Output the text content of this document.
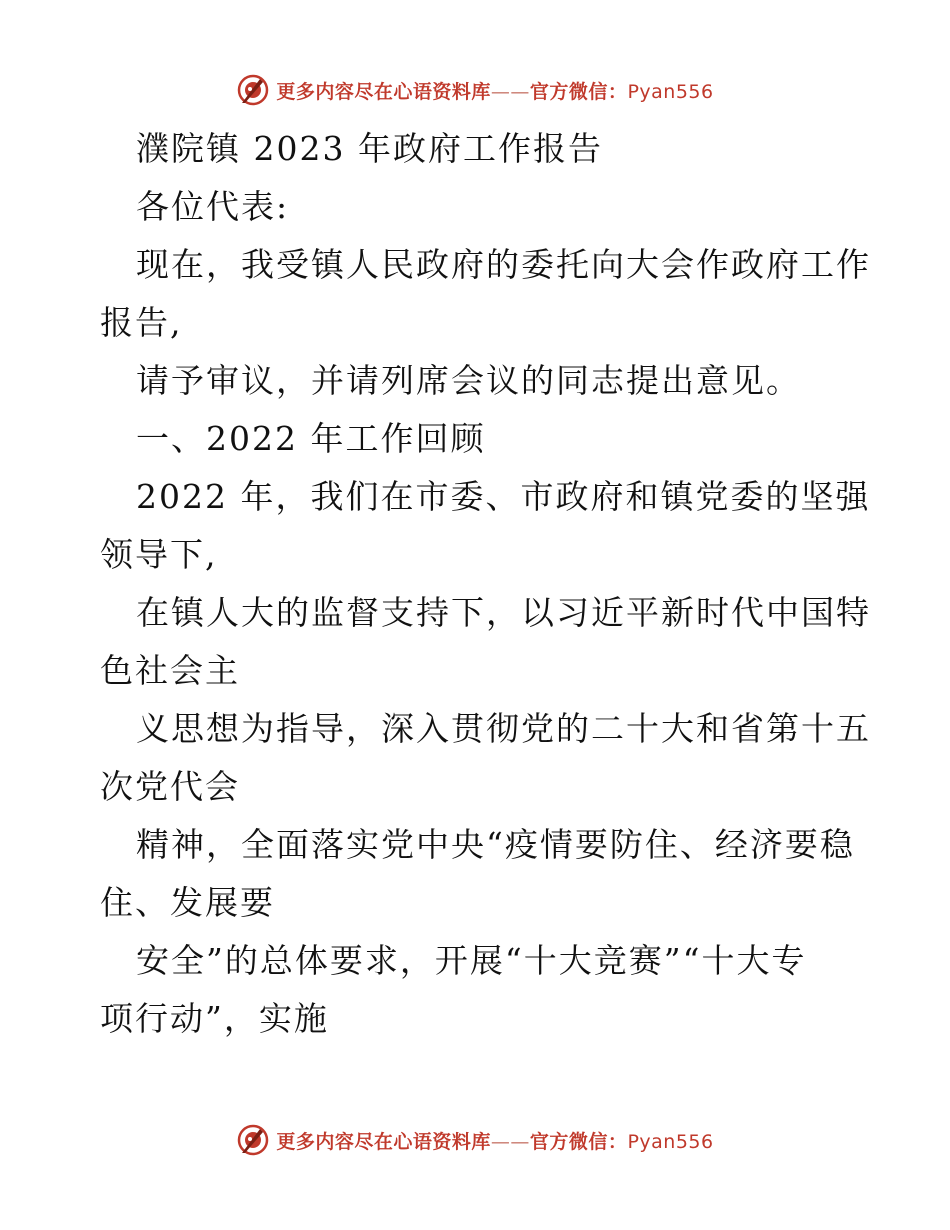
更多内容尽在心语资料库——官方微信：Pyan556
濮院镇 2023 年政府工作报告
各位代表:
现在，我受镇人民政府的委托向大会作政府工作
报告,
请予审议，并请列席会议的同志提出意见。
一、2022 年工作回顾
2022 年，我们在市委、市政府和镇党委的坚强
领导下,
在镇人大的监督支持下，以习近平新时代中国特
色社会主
义思想为指导，深入贯彻党的二十大和省第十五
次党代会
精神，全面落实党中央“疫情要防住、经济要稳
住、发展要
安全”的总体要求，开展“十大竞赛”“十大专
项行动”，实施
更多内容尽在心语资料库——官方微信：Pyan556
